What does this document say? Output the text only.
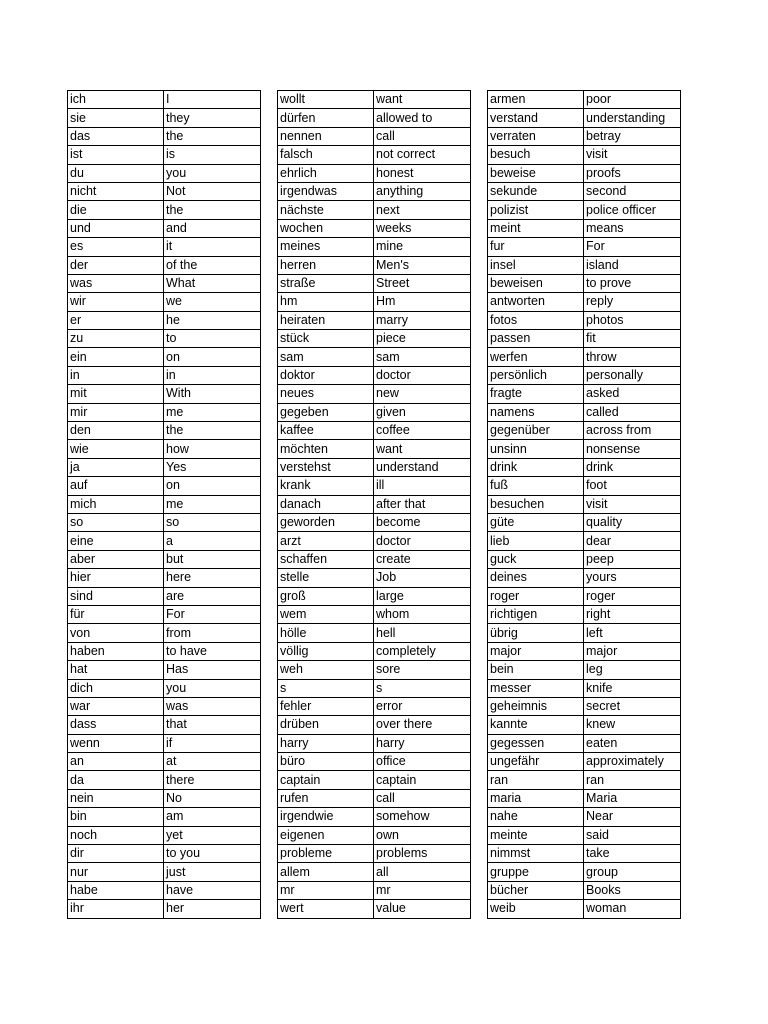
ich	I
sie	they
das	the
ist	is
du	you
nicht	Not
die	the
und	and
es	it
der	of the
was	What
wir	we
er	he
zu	to
ein	on
in	in
mit	With
mir	me
den	the
wie	how
ja	Yes
auf	on
mich	me
so	so
eine	a
aber	but
hier	here
sind	are
für	For
von	from
haben	to have
hat	Has
dich	you
war	was
dass	that
wenn	if
an	at
da	there
nein	No
bin	am
noch	yet
dir	to you
nur	just
habe	have
ihr	her
wollt	want
dürfen	allowed to
nennen	call
falsch	not correct
ehrlich	honest
irgendwas	anything
nächste	next
wochen	weeks
meines	mine
herren	Men's
straße	Street
hm	Hm
heiraten	marry
stück	piece
sam	sam
doktor	doctor
neues	new
gegeben	given
kaffee	coffee
möchten	want
verstehst	understand
krank	ill
danach	after that
geworden	become
arzt	doctor
schaffen	create
stelle	Job
groß	large
wem	whom
hölle	hell
völlig	completely
weh	sore
s	s
fehler	error
drüben	over there
harry	harry
büro	office
captain	captain
rufen	call
irgendwie	somehow
eigenen	own
probleme	problems
allem	all
mr	mr
wert	value
armen	poor
verstand	understanding
verraten	betray
besuch	visit
beweise	proofs
sekunde	second
polizist	police officer
meint	means
fur	For
insel	island
beweisen	to prove
antworten	reply
fotos	photos
passen	fit
werfen	throw
persönlich	personally
fragte	asked
namens	called
gegenüber	across from
unsinn	nonsense
drink	drink
fuß	foot
besuchen	visit
güte	quality
lieb	dear
guck	peep
deines	yours
roger	roger
richtigen	right
übrig	left
major	major
bein	leg
messer	knife
geheimnis	secret
kannte	knew
gegessen	eaten
ungefähr	approximately
ran	ran
maria	Maria
nahe	Near
meinte	said
nimmst	take
gruppe	group
bücher	Books
weib	woman
